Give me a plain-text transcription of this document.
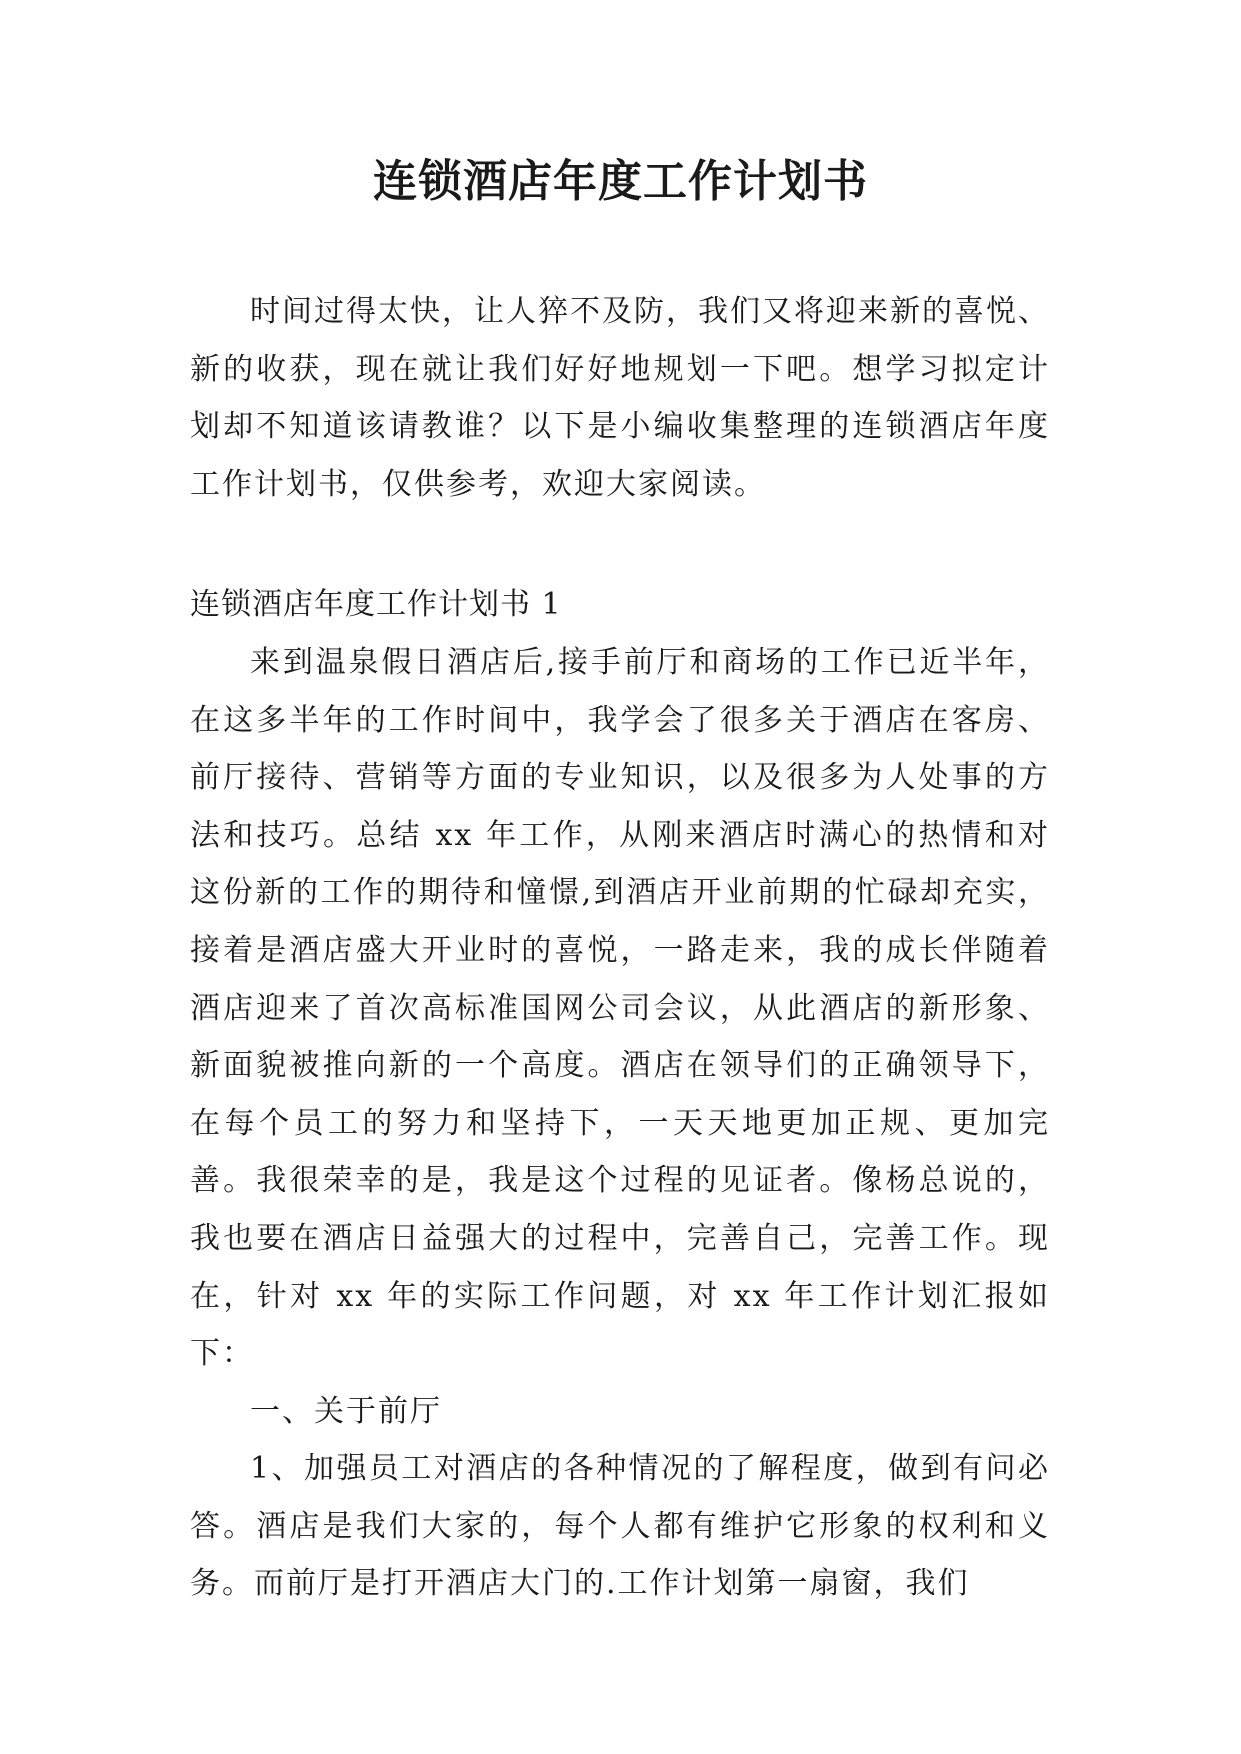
连锁酒店年度工作计划书

时间过得太快，让人猝不及防，我们又将迎来新的喜悦、新的收获，现在就让我们好好地规划一下吧。想学习拟定计划却不知道该请教谁？以下是小编收集整理的连锁酒店年度工作计划书，仅供参考，欢迎大家阅读。

连锁酒店年度工作计划书 1

来到温泉假日酒店后,接手前厅和商场的工作已近半年，在这多半年的工作时间中，我学会了很多关于酒店在客房、前厅接待、营销等方面的专业知识，以及很多为人处事的方法和技巧。总结 xx 年工作，从刚来酒店时满心的热情和对这份新的工作的期待和憧憬,到酒店开业前期的忙碌却充实，接着是酒店盛大开业时的喜悦，一路走来，我的成长伴随着酒店迎来了首次高标准国网公司会议，从此酒店的新形象、新面貌被推向新的一个高度。酒店在领导们的正确领导下，在每个员工的努力和坚持下，一天天地更加正规、更加完善。我很荣幸的是，我是这个过程的见证者。像杨总说的，我也要在酒店日益强大的过程中，完善自己，完善工作。现在，针对 xx 年的实际工作问题，对 xx 年工作计划汇报如下：

一、关于前厅

1、加强员工对酒店的各种情况的了解程度，做到有问必答。酒店是我们大家的，每个人都有维护它形象的权利和义务。而前厅是打开酒店大门的.工作计划第一扇窗，我们
